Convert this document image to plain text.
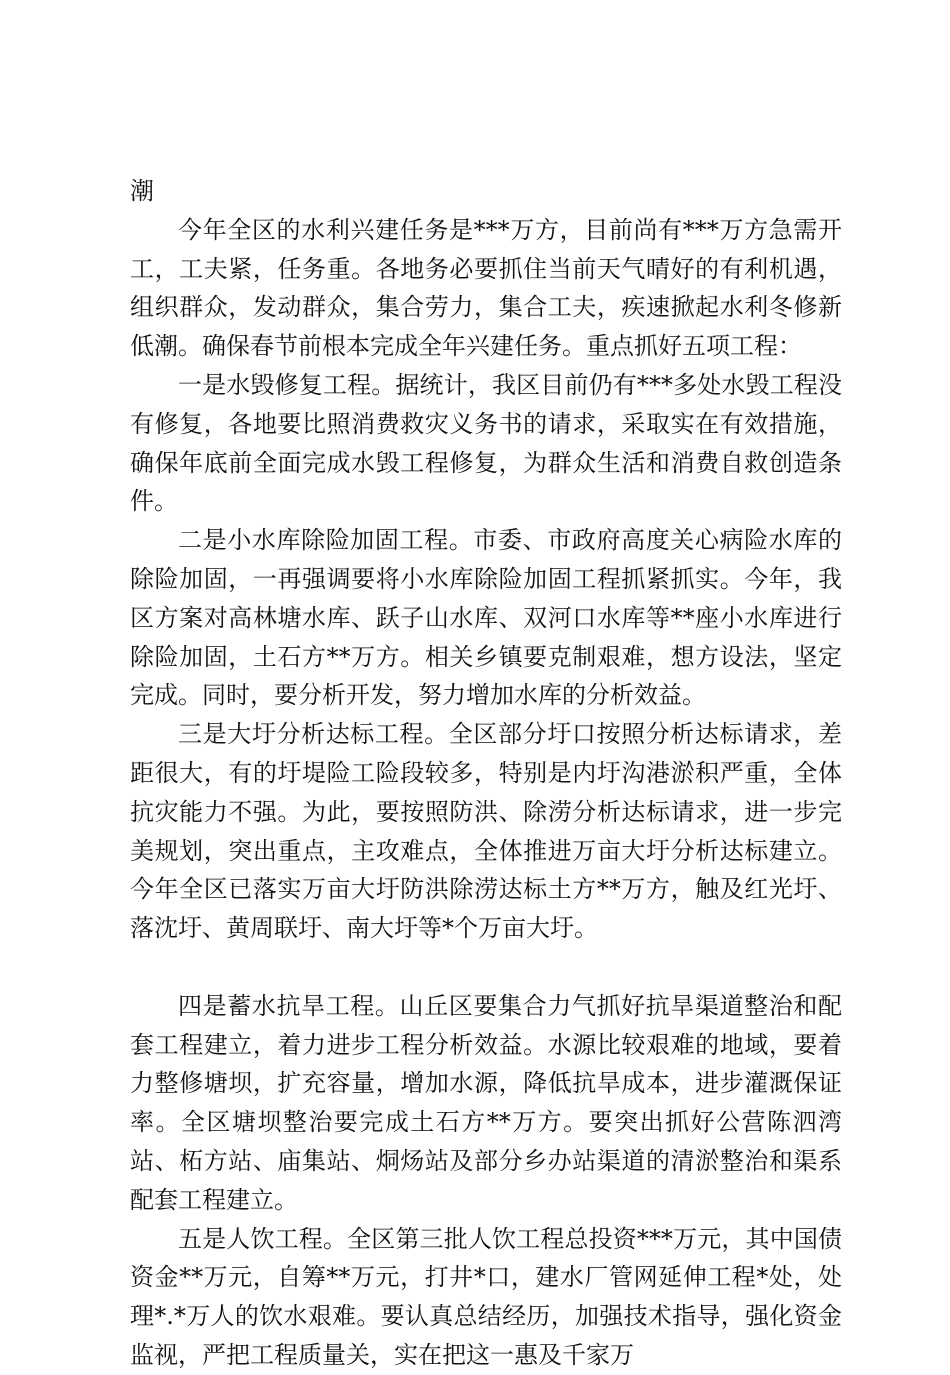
潮

今年全区的水利兴建任务是***万方，目前尚有***万方急需开工，工夫紧，任务重。各地务必要抓住当前天气晴好的有利机遇，组织群众，发动群众，集合劳力，集合工夫，疾速掀起水利冬修新低潮。确保春节前根本完成全年兴建任务。重点抓好五项工程：

一是水毁修复工程。据统计，我区目前仍有***多处水毁工程没有修复，各地要比照消费救灾义务书的请求，采取实在有效措施，确保年底前全面完成水毁工程修复，为群众生活和消费自救创造条件。

二是小水库除险加固工程。市委、市政府高度关心病险水库的除险加固，一再强调要将小水库除险加固工程抓紧抓实。今年，我区方案对高林塘水库、跃子山水库、双河口水库等**座小水库进行除险加固，土石方**万方。相关乡镇要克制艰难，想方设法，坚定完成。同时，要分析开发，努力增加水库的分析效益。

三是大圩分析达标工程。全区部分圩口按照分析达标请求，差距很大，有的圩堤险工险段较多，特别是内圩沟港淤积严重，全体抗灾能力不强。为此，要按照防洪、除涝分析达标请求，进一步完美规划，突出重点，主攻难点，全体推进万亩大圩分析达标建立。今年全区已落实万亩大圩防洪除涝达标土方**万方，触及红光圩、落沈圩、黄周联圩、南大圩等*个万亩大圩。

四是蓄水抗旱工程。山丘区要集合力气抓好抗旱渠道整治和配套工程建立，着力进步工程分析效益。水源比较艰难的地域，要着力整修塘坝，扩充容量，增加水源，降低抗旱成本，进步灌溉保证率。全区塘坝整治要完成土石方**万方。要突出抓好公营陈泗湾站、柘方站、庙集站、烔炀站及部分乡办站渠道的清淤整治和渠系配套工程建立。

五是人饮工程。全区第三批人饮工程总投资***万元，其中国债资金**万元，自筹**万元，打井*口，建水厂管网延伸工程*处，处理*.*万人的饮水艰难。要认真总结经历，加强技术指导，强化资金监视，严把工程质量关，实在把这一惠及千家万
